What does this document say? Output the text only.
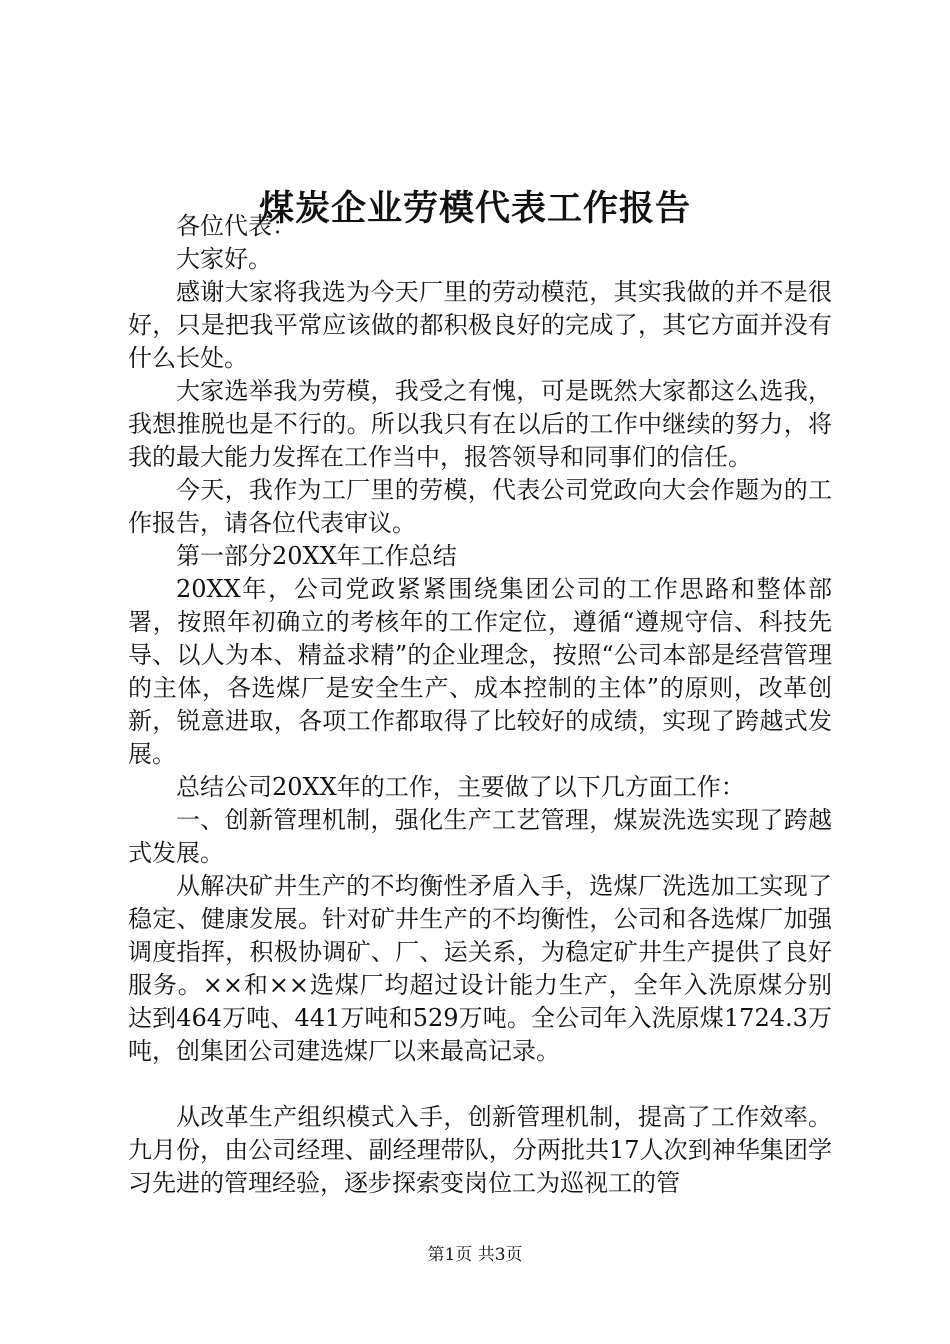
煤炭企业劳模代表工作报告

各位代表：

大家好。

感谢大家将我选为今天厂里的劳动模范，其实我做的并不是很好，只是把我平常应该做的都积极良好的完成了，其它方面并没有什么长处。

大家选举我为劳模，我受之有愧，可是既然大家都这么选我，我想推脱也是不行的。所以我只有在以后的工作中继续的努力，将我的最大能力发挥在工作当中，报答领导和同事们的信任。

今天，我作为工厂里的劳模，代表公司党政向大会作题为的工作报告，请各位代表审议。

第一部分20XX年工作总结

20XX年，公司党政紧紧围绕集团公司的工作思路和整体部署，按照年初确立的考核年的工作定位，遵循“遵规守信、科技先导、以人为本、精益求精”的企业理念，按照“公司本部是经营管理的主体，各选煤厂是安全生产、成本控制的主体”的原则，改革创新，锐意进取，各项工作都取得了比较好的成绩，实现了跨越式发展。

总结公司20XX年的工作，主要做了以下几方面工作：

一、创新管理机制，强化生产工艺管理，煤炭洗选实现了跨越式发展。

从解决矿井生产的不均衡性矛盾入手，选煤厂洗选加工实现了稳定、健康发展。针对矿井生产的不均衡性，公司和各选煤厂加强调度指挥，积极协调矿、厂、运关系，为稳定矿井生产提供了良好服务。××和××选煤厂均超过设计能力生产，全年入洗原煤分别达到464万吨、441万吨和529万吨。全公司年入洗原煤1724.3万吨，创集团公司建选煤厂以来最高记录。

从改革生产组织模式入手，创新管理机制，提高了工作效率。九月份，由公司经理、副经理带队，分两批共17人次到神华集团学习先进的管理经验，逐步探索变岗位工为巡视工的管

第1页 共3页
